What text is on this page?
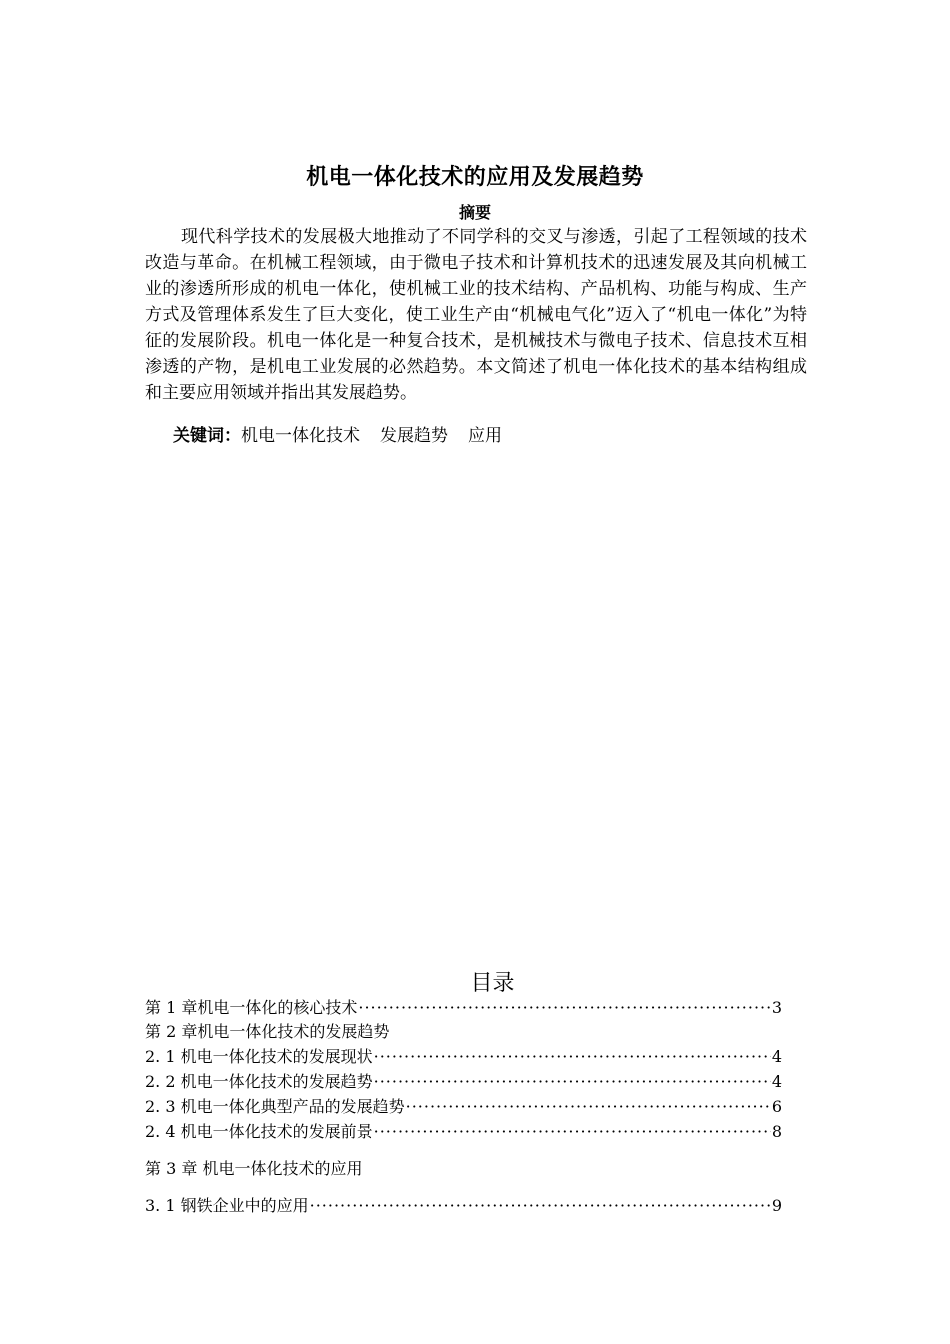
机电一体化技术的应用及发展趋势
摘要

现代科学技术的发展极大地推动了不同学科的交叉与渗透，引起了工程领域的技术改造与革命。在机械工程领域，由于微电子技术和计算机技术的迅速发展及其向机械工业的渗透所形成的机电一体化，使机械工业的技术结构、产品机构、功能与构成、生产方式及管理体系发生了巨大变化，使工业生产由“机械电气化”迈入了“机电一体化”为特征的发展阶段。机电一体化是一种复合技术，是机械技术与微电子技术、信息技术互相渗透的产物，是机电工业发展的必然趋势。本文简述了机电一体化技术的基本结构组成和主要应用领域并指出其发展趋势。

关键词：机电一体化技术 发展趋势 应用
目录
第 1 章机电一体化的核心技术 ·····	3
第 2 章机电一体化技术的发展趋势
2. 1 机电一体化技术的发展现状 ·····	4
2. 2 机电一体化技术的发展趋势 ·····	4
2. 3 机电一体化典型产品的发展趋势 ·····	6
2. 4 机电一体化技术的发展前景 ·····	8
第 3 章 机电一体化技术的应用
3. 1 钢铁企业中的应用 ·····	9
